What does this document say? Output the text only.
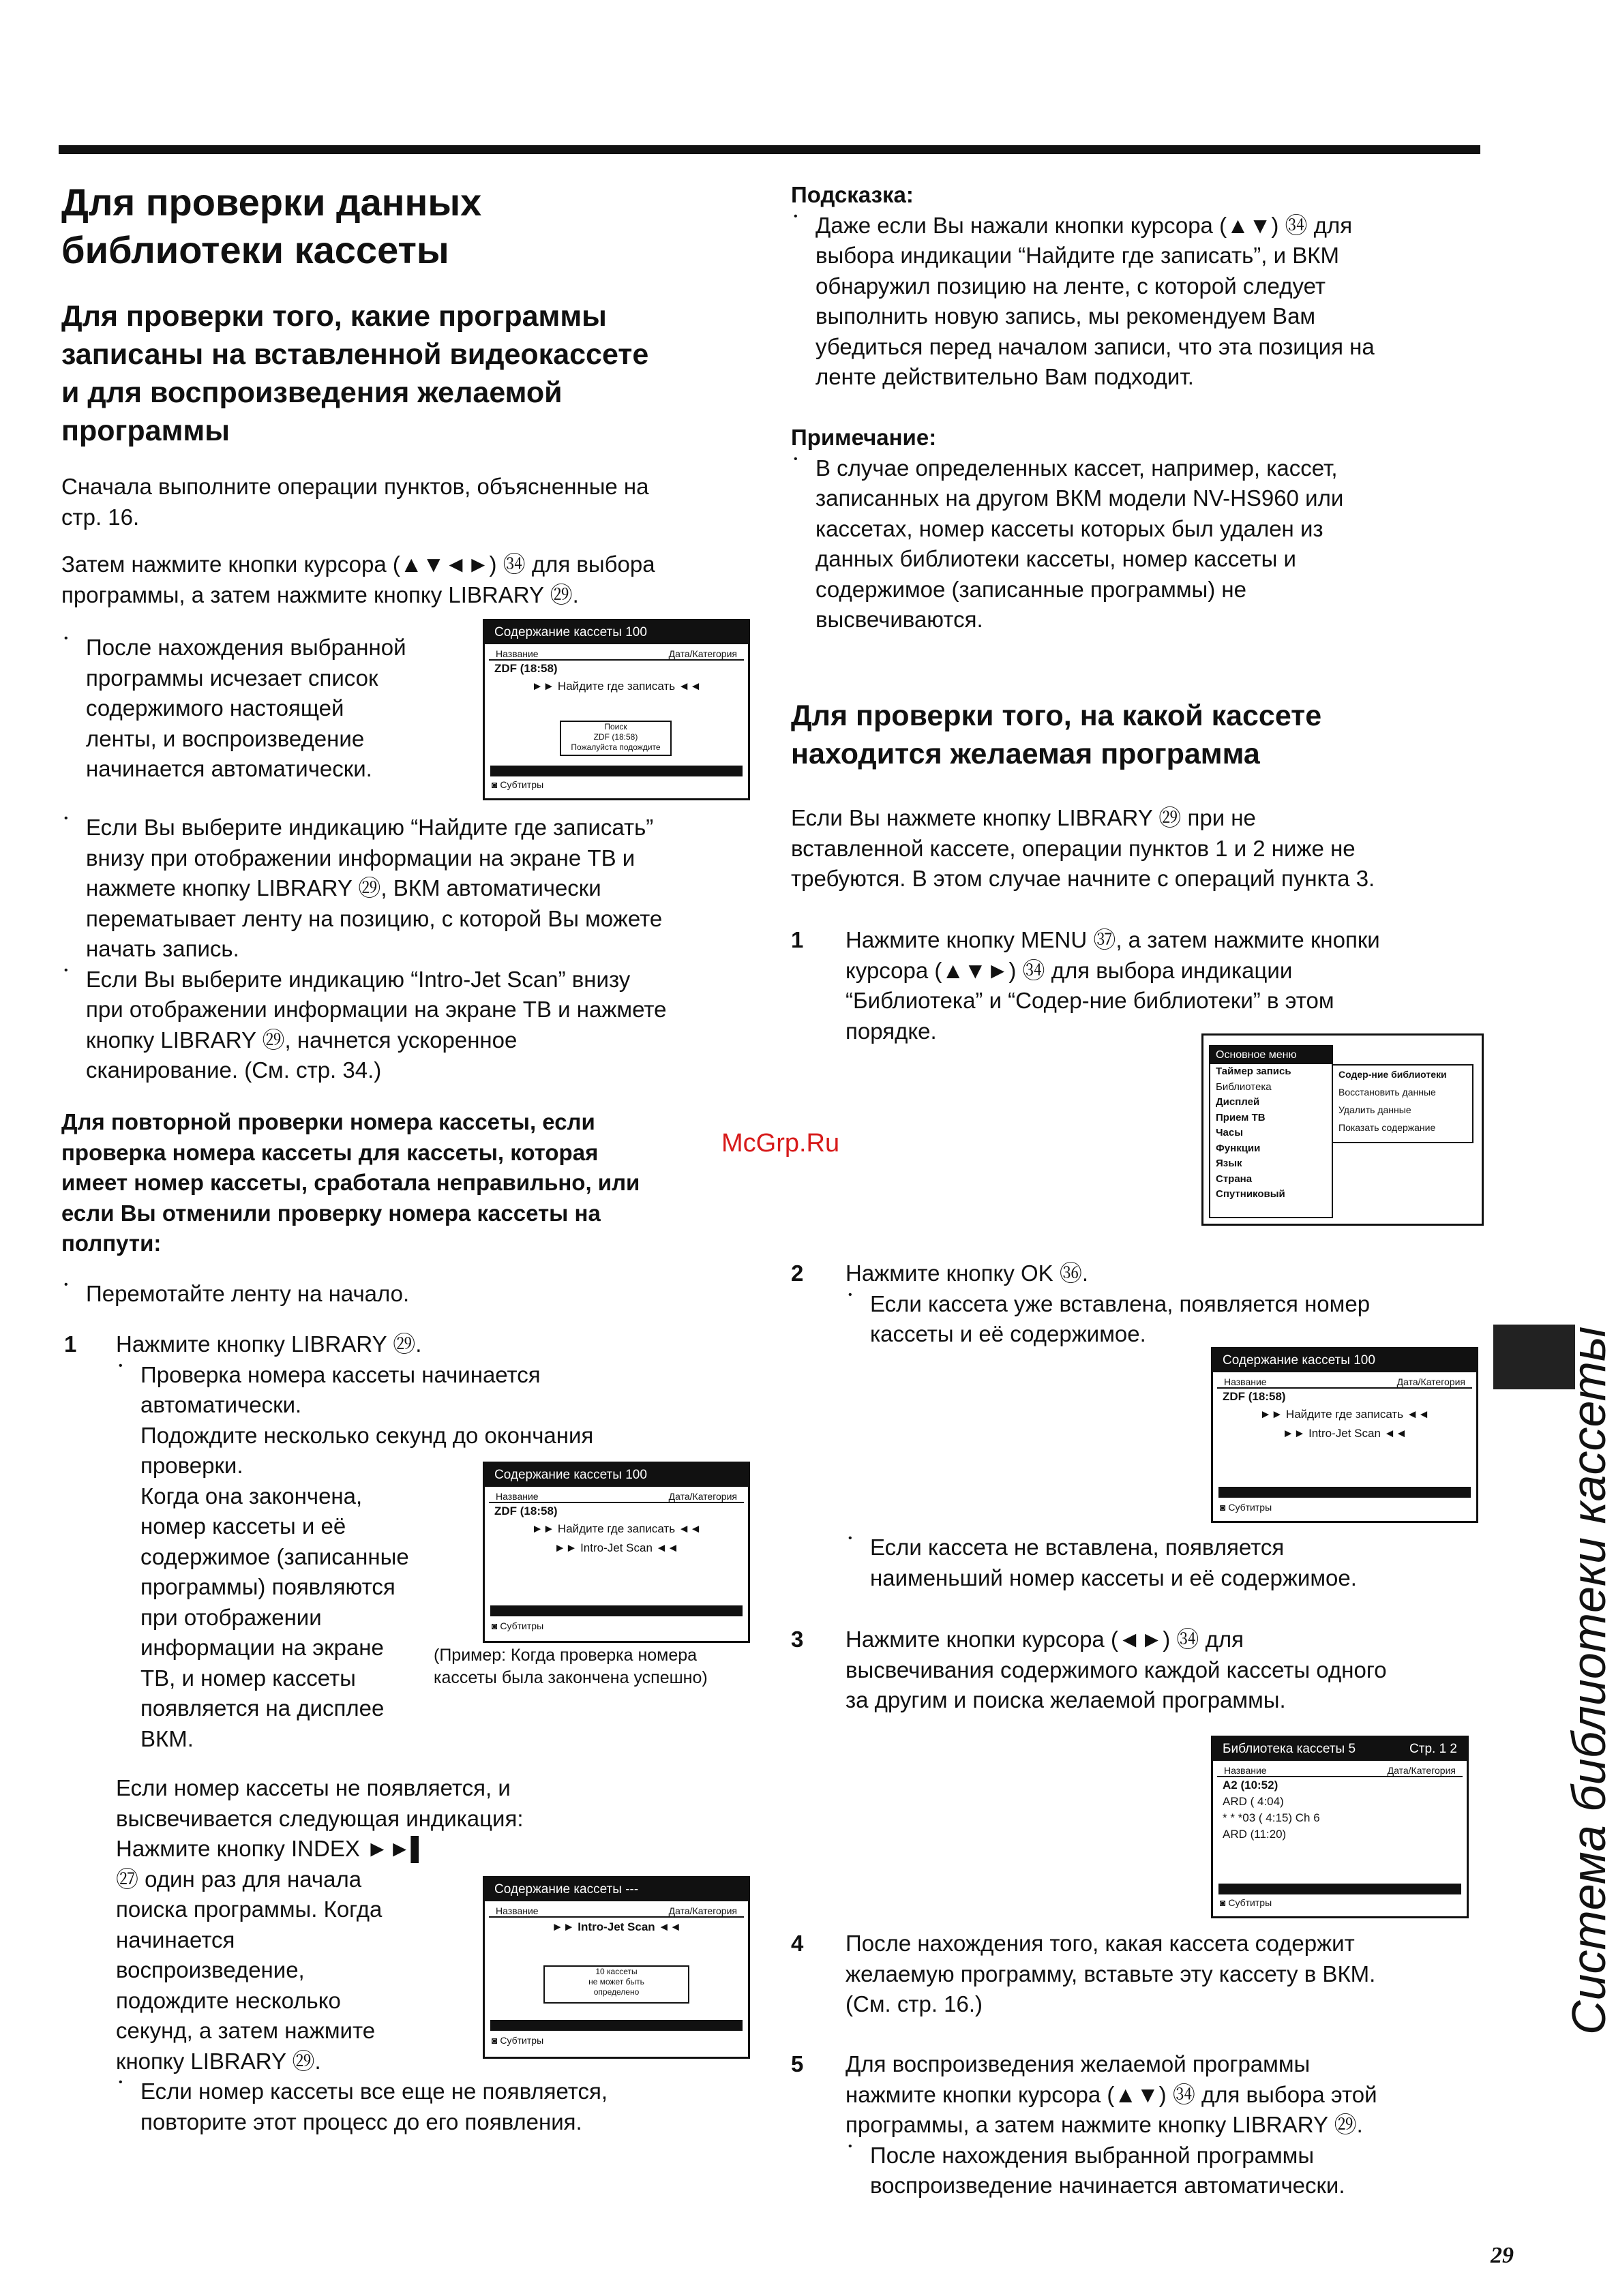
Для проверки данных

библиотеки кассеты

Для проверки того, какие программы

записаны на вставленной видеокассете

и для воспроизведения желаемой

программы

Сначала выполните операции пунктов, объясненные на

стр. 16.

Затем нажмите кнопки курсора (▲▼◄►) ㉞ для выбора

программы, а затем нажмите кнопку LIBRARY ㉙.

• После нахождения выбранной

программы исчезает список

содержимого настоящей

ленты, и воспроизведение

начинается автоматически.

Содержание кассеты 100
Название	Дата/Категория
ZDF (18:58)
►► Найдите где записать ◄◄
Поиск
ZDF (18:58)
Пожалуйста подождите
◙ Субтитры

• Если Вы выберите индикацию “Найдите где записать”

внизу при отображении информации на экране ТВ и

нажмете кнопку LIBRARY ㉙, ВКМ автоматически

перематывает ленту на позицию, с которой Вы можете

начать запись.

• Если Вы выберите индикацию “Intro-Jet Scan” внизу

при отображении информации на экране ТВ и нажмете

кнопку LIBRARY ㉙, начнется ускоренное

сканирование. (См. стр. 34.)

Для повторной проверки номера кассеты, если

проверка номера кассеты для кассеты, которая

имеет номер кассеты, сработала неправильно, или

если Вы отменили проверку номера кассеты на

полпути:

• Перемотайте ленту на начало.

1 Нажмите кнопку LIBRARY ㉙.

• Проверка номера кассеты начинается

автоматически.

Подождите несколько секунд до окончания

проверки.

Когда она закончена,

номер кассеты и её

содержимое (записанные

программы) появляются

при отображении

информации на экране

ТВ, и номер кассеты

появляется на дисплее

ВКМ.

Если номер кассеты не появляется, и

высвечивается следующая индикация:

Нажмите кнопку INDEX ►►▌

㉗ один раз для начала

поиска программы. Когда

начинается

воспроизведение,

подождите несколько

секунд, а затем нажмите

кнопку LIBRARY ㉙.

• Если номер кассеты все еще не появляется,

повторите этот процесс до его появления.

Содержание кассеты 100
Название	Дата/Категория
ZDF (18:58)
►► Найдите где записать ◄◄
►► Intro-Jet Scan ◄◄
◙ Субтитры

(Пример: Когда проверка номера

кассеты была закончена успешно)

Содержание кассеты ---
Название	Дата/Категория
►► Intro-Jet Scan ◄◄
10 кассеты
не может быть
определено
◙ Субтитры

Подсказка:

• Даже если Вы нажали кнопки курсора (▲▼) ㉞ для

выбора индикации “Найдите где записать”, и ВКМ

обнаружил позицию на ленте, с которой следует

выполнить новую запись, мы рекомендуем Вам

убедиться перед началом записи, что эта позиция на

ленте действительно Вам подходит.

Примечание:

• В случае определенных кассет, например, кассет,

записанных на другом ВКМ модели NV-HS960 или

кассетах, номер кассеты которых был удален из

данных библиотеки кассеты, номер кассеты и

содержимое (записанные программы) не

высвечиваются.

Для проверки того, на какой кассете

находится желаемая программа

Если Вы нажмете кнопку LIBRARY ㉙ при не

вставленной кассете, операции пунктов 1 и 2 ниже не

требуются. В этом случае начните с операций пункта 3.

1 Нажмите кнопку MENU ㊲, а затем нажмите кнопки

курсора (▲▼►) ㉞ для выбора индикации

“Библиотека” и “Содер-ние библиотеки” в этом

порядке.

Основное меню
Таймер запись
Библиотека
Дисплей
Прием ТВ
Часы
Функции
Язык
Страна
Спутниковый
Содер-ние библиотеки
Восстановить данные
Удалить данные
Показать содержание
2 Нажмите кнопку OK ㊱.

• Если кассета уже вставлена, появляется номер

кассеты и её содержимое.

Содержание кассеты 100
Название	Дата/Категория
ZDF (18:58)
►► Найдите где записать ◄◄
►► Intro-Jet Scan ◄◄
◙ Субтитры

• Если кассета не вставлена, появляется

наименьший номер кассеты и её содержимое.

3 Нажмите кнопки курсора (◄►) ㉞ для

высвечивания содержимого каждой кассеты одного

за другим и поиска желаемой программы.

Библиотека кассеты 5	Стр. 1 2
Название	Дата/Категория
A2 (10:52)
ARD ( 4:04)
* * *03 ( 4:15) Ch 6
ARD (11:20)
◙ Субтитры
4 После нахождения того, какая кассета содержит

желаемую программу, вставьте эту кассету в ВКМ.

(См. стр. 16.)

5 Для воспроизведения желаемой программы

нажмите кнопки курсора (▲▼) ㉞ для выбора этой

программы, а затем нажмите кнопку LIBRARY ㉙.

• После нахождения выбранной программы

воспроизведение начинается автоматически.

Система библиотеки кассеты
McGrp.Ru
29
